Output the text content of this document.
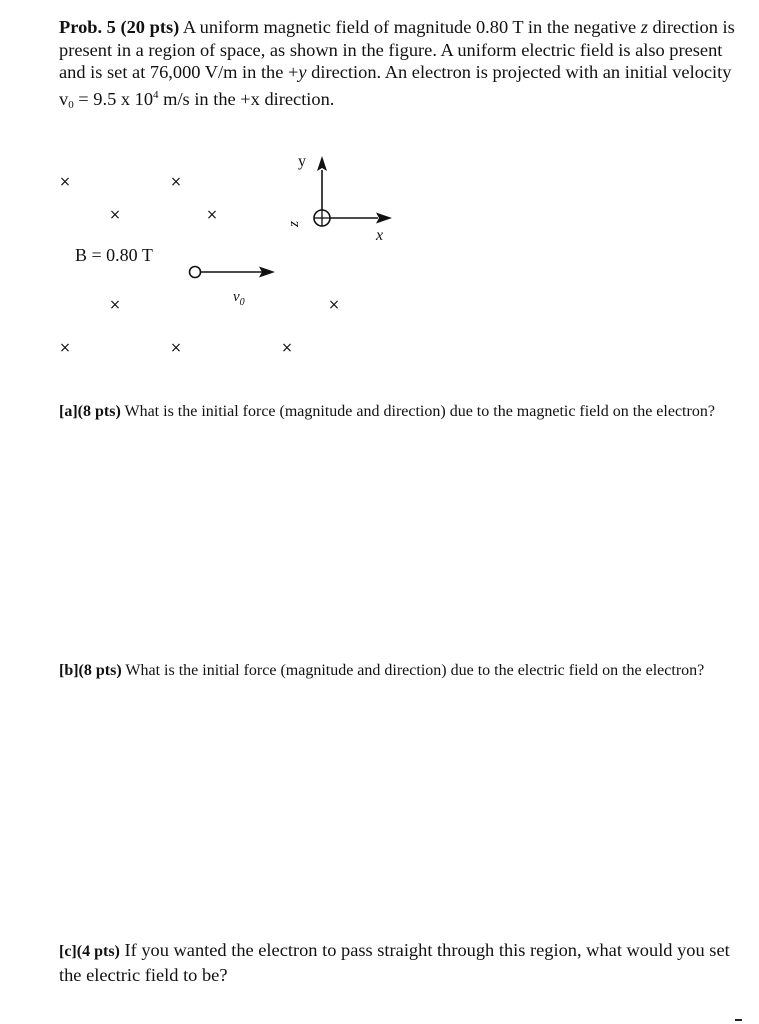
Prob. 5 (20 pts) A uniform magnetic field of magnitude 0.80 T in the negative z direction is present in a region of space, as shown in the figure. A uniform electric field is also present and is set at 76,000 V/m in the +y direction. An electron is projected with an initial velocity $v_0 = 9.5$ x $10^4$ m/s in the +x direction.
×	×
×	×
×	×
×	×	×
B = 0.80 T
$v_0$
y
x
z
[a](8 pts) What is the initial force (magnitude and direction) due to the magnetic field on the electron?
[b](8 pts) What is the initial force (magnitude and direction) due to the electric field on the electron?
[c](4 pts) If you wanted the electron to pass straight through this region, what would you set the electric field to be?
